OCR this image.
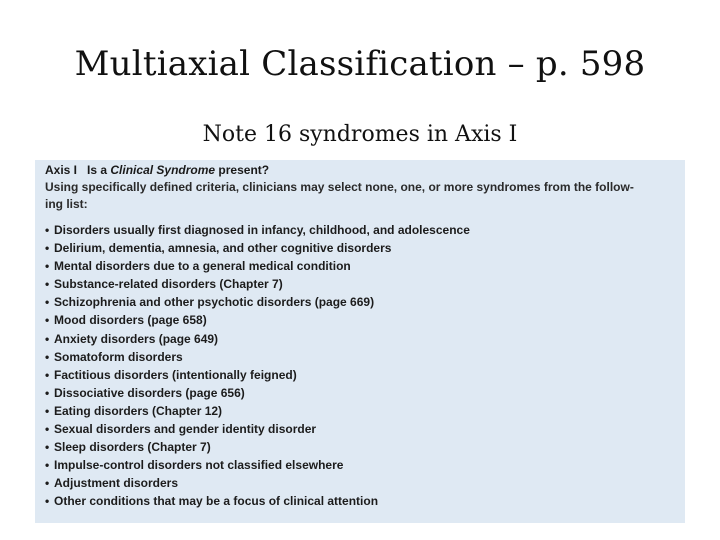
Multiaxial Classification – p. 598
Note 16 syndromes in Axis I
Axis I Is a Clinical Syndrome present?
Using specifically defined criteria, clinicians may select none, one, or more syndromes from the follow-
ing list:
• Disorders usually first diagnosed in infancy, childhood, and adolescence
• Delirium, dementia, amnesia, and other cognitive disorders
• Mental disorders due to a general medical condition
• Substance-related disorders (Chapter 7)
• Schizophrenia and other psychotic disorders (page 669)
• Mood disorders (page 658)
• Anxiety disorders (page 649)
• Somatoform disorders
• Factitious disorders (intentionally feigned)
• Dissociative disorders (page 656)
• Eating disorders (Chapter 12)
• Sexual disorders and gender identity disorder
• Sleep disorders (Chapter 7)
• Impulse-control disorders not classified elsewhere
• Adjustment disorders
• Other conditions that may be a focus of clinical attention
